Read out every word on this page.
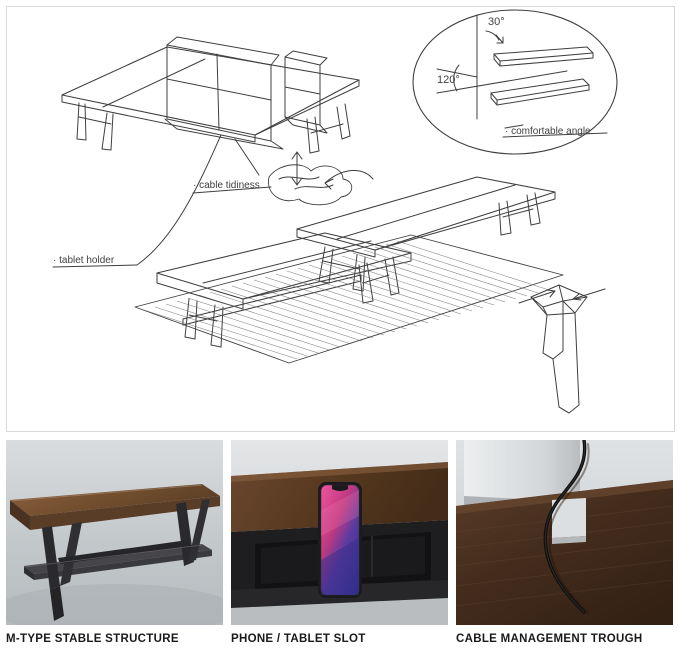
30°
120°
· comfortable angle
· cable tidiness
· tablet holder
M-TYPE STABLE STRUCTURE	PHONE / TABLET SLOT	CABLE MANAGEMENT TROUGH
